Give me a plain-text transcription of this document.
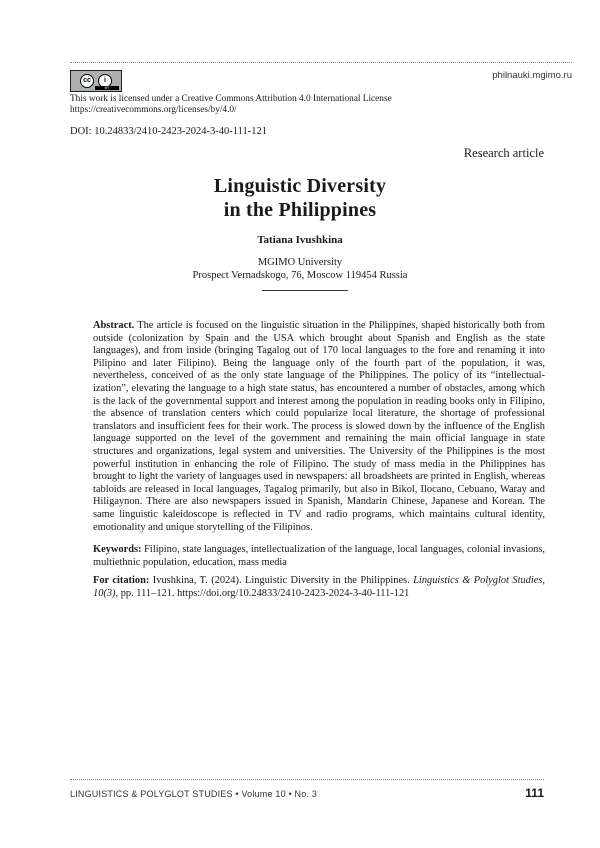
cc	i
BY
philnauki.mgimo.ru
This work is licensed under a Creative Commons Attribution 4.0 International License
https://creativecommons.org/licenses/by/4.0/
DOI: 10.24833/2410-2423-2024-3-40-111-121
Research article
Linguistic Diversity
in the Philippines
Tatiana Ivushkina
MGIMO University
Prospect Vernadskogo, 76, Moscow 119454 Russia
Abstract. The article is focused on the linguistic situation in the Philippines, shaped historically both from outside (colonization by Spain and the USA which brought about Spanish and English as the state languages), and from inside (bringing Tagalog out of 170 local languages to the fore and renaming it into Pilipino and later Filipino). Being the language only of the fourth part of the population, it was, nevertheless, conceived of as the only state language of the Philippines. The policy of its “intellectualization”, elevating the language to a high state status, has encountered a number of obstacles, among which is the lack of the governmental support and interest among the population in reading books only in Filipino, the absence of translation centers which could popularize local literature, the shortage of professional translators and insufficient fees for their work. The process is slowed down by the influence of the English language supported on the level of the government and remaining the main official language in state structures and organizations, legal system and universities. The University of the Philippines is the most powerful institution in enhancing the role of Filipino. The study of mass media in the Philippines has brought to light the variety of languages used in newspapers: all broadsheets are printed in English, whereas tabloids are released in local languages, Tagalog primarily, but also in Bikol, Ilocano, Cebuano, Waray and Hiligaynon. There are also newspapers issued in Spanish, Mandarin Chinese, Japanese and Korean. The same linguistic kaleidoscope is reflected in TV and radio programs, which maintains cultural identity, emotionality and unique storytelling of the Filipinos.
Keywords: Filipino, state languages, intellectualization of the language, local languages, colonial invasions, multiethnic population, education, mass media
For citation: Ivushkina, T. (2024). Linguistic Diversity in the Philippines. Linguistics & Polyglot Studies, 10(3), pp. 111–121. https://doi.org/10.24833/2410-2423-2024-3-40-111-121
LINGUISTICS & POLYGLOT STUDIES • Volume 10 • No. 3	111
